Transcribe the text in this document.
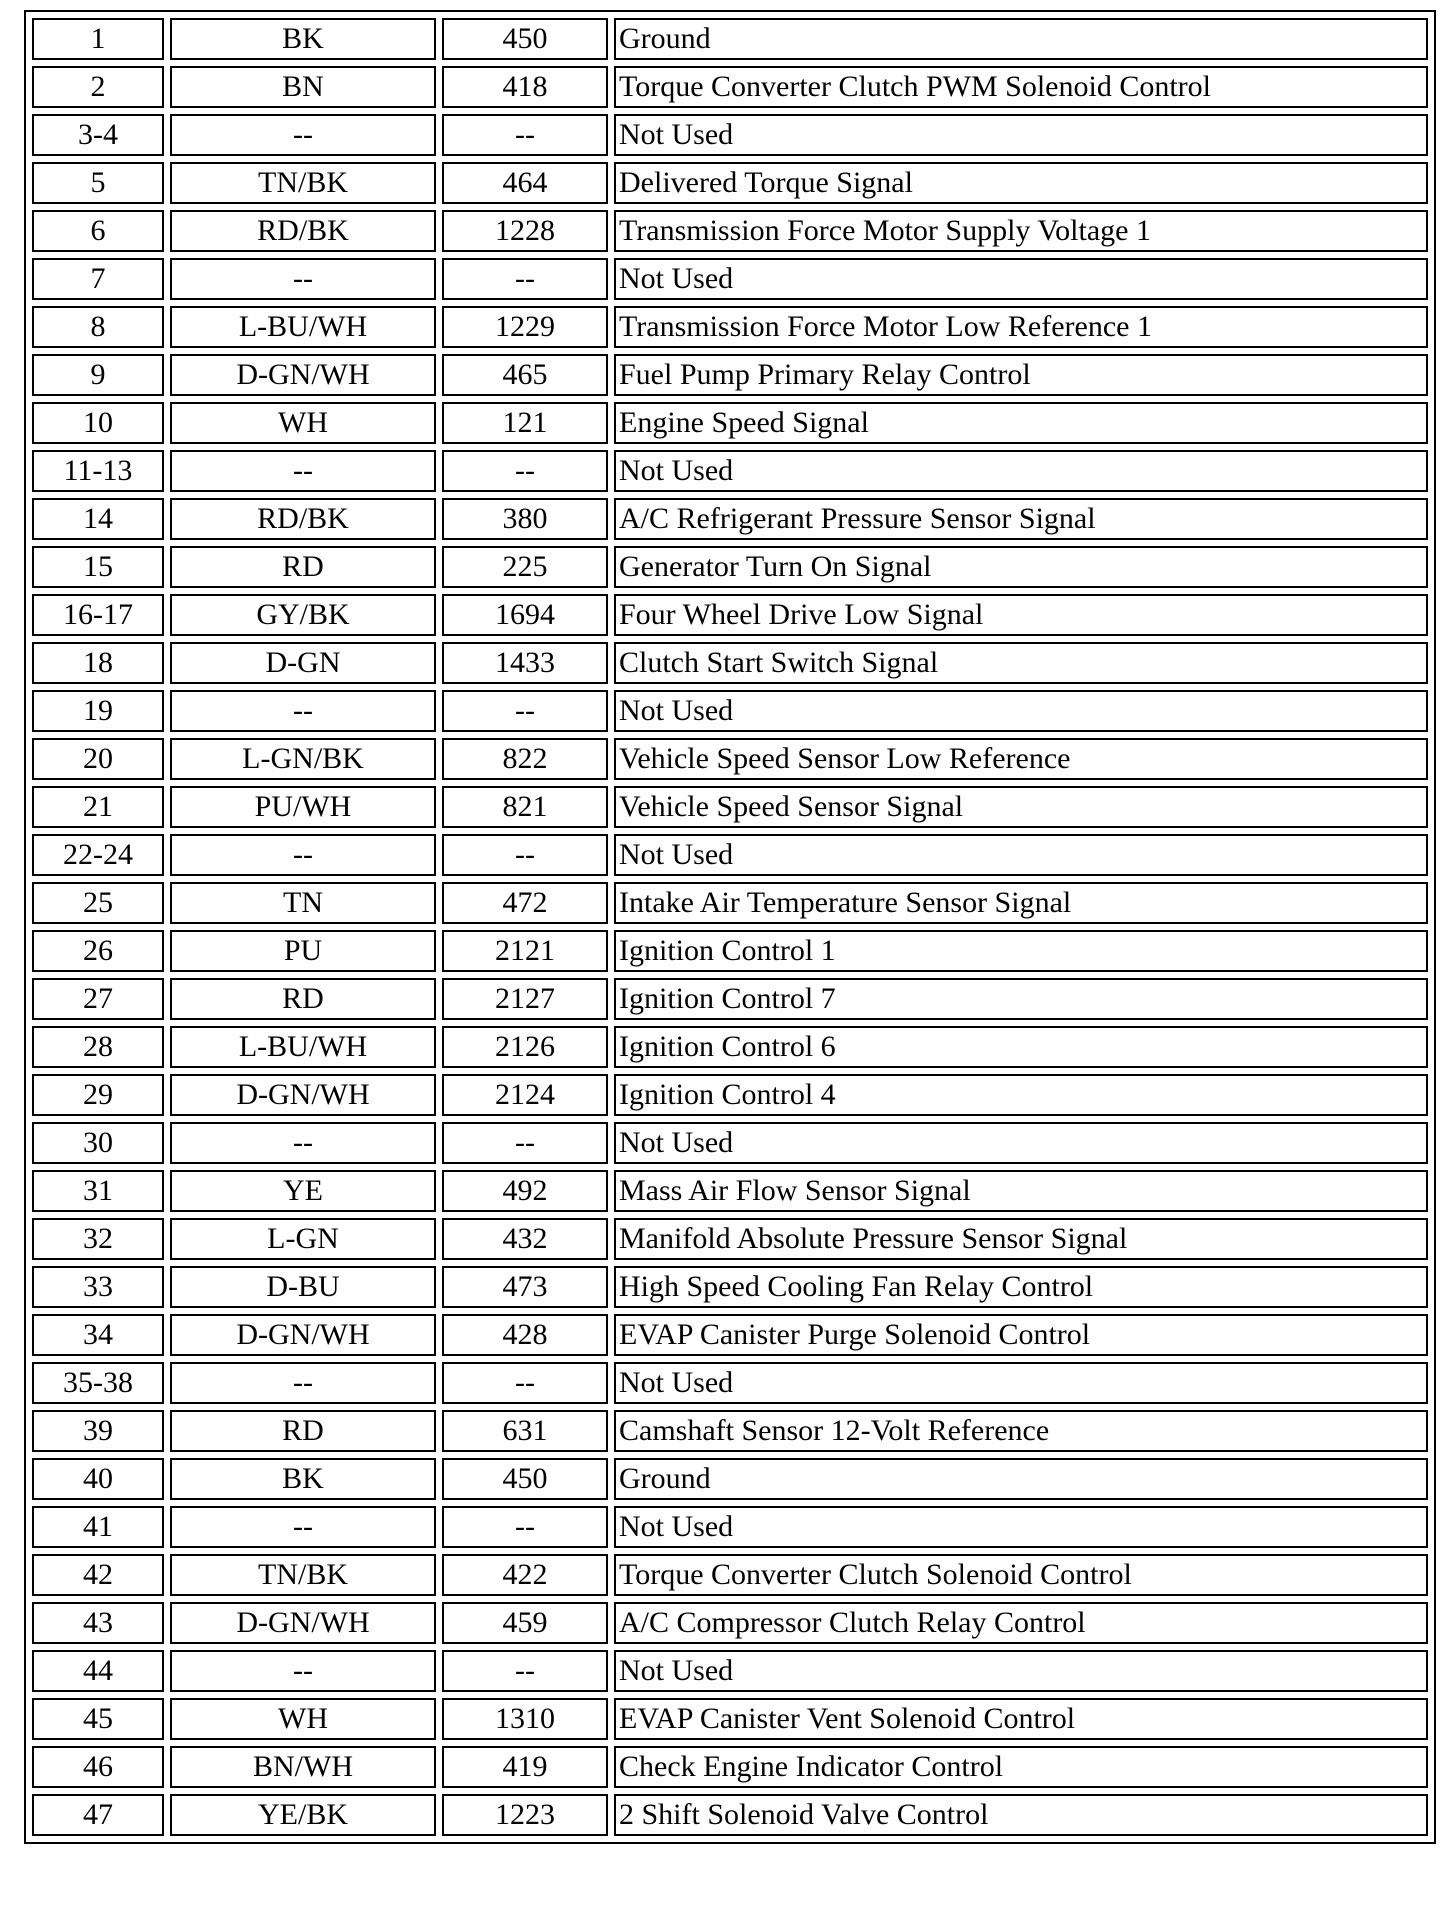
1	BK	450	Ground
2	BN	418	Torque Converter Clutch PWM Solenoid Control
3-4	--	--	Not Used
5	TN/BK	464	Delivered Torque Signal
6	RD/BK	1228	Transmission Force Motor Supply Voltage 1
7	--	--	Not Used
8	L-BU/WH	1229	Transmission Force Motor Low Reference 1
9	D-GN/WH	465	Fuel Pump Primary Relay Control
10	WH	121	Engine Speed Signal
11-13	--	--	Not Used
14	RD/BK	380	A/C Refrigerant Pressure Sensor Signal
15	RD	225	Generator Turn On Signal
16-17	GY/BK	1694	Four Wheel Drive Low Signal
18	D-GN	1433	Clutch Start Switch Signal
19	--	--	Not Used
20	L-GN/BK	822	Vehicle Speed Sensor Low Reference
21	PU/WH	821	Vehicle Speed Sensor Signal
22-24	--	--	Not Used
25	TN	472	Intake Air Temperature Sensor Signal
26	PU	2121	Ignition Control 1
27	RD	2127	Ignition Control 7
28	L-BU/WH	2126	Ignition Control 6
29	D-GN/WH	2124	Ignition Control 4
30	--	--	Not Used
31	YE	492	Mass Air Flow Sensor Signal
32	L-GN	432	Manifold Absolute Pressure Sensor Signal
33	D-BU	473	High Speed Cooling Fan Relay Control
34	D-GN/WH	428	EVAP Canister Purge Solenoid Control
35-38	--	--	Not Used
39	RD	631	Camshaft Sensor 12-Volt Reference
40	BK	450	Ground
41	--	--	Not Used
42	TN/BK	422	Torque Converter Clutch Solenoid Control
43	D-GN/WH	459	A/C Compressor Clutch Relay Control
44	--	--	Not Used
45	WH	1310	EVAP Canister Vent Solenoid Control
46	BN/WH	419	Check Engine Indicator Control
47	YE/BK	1223	2 Shift Solenoid Valve Control
